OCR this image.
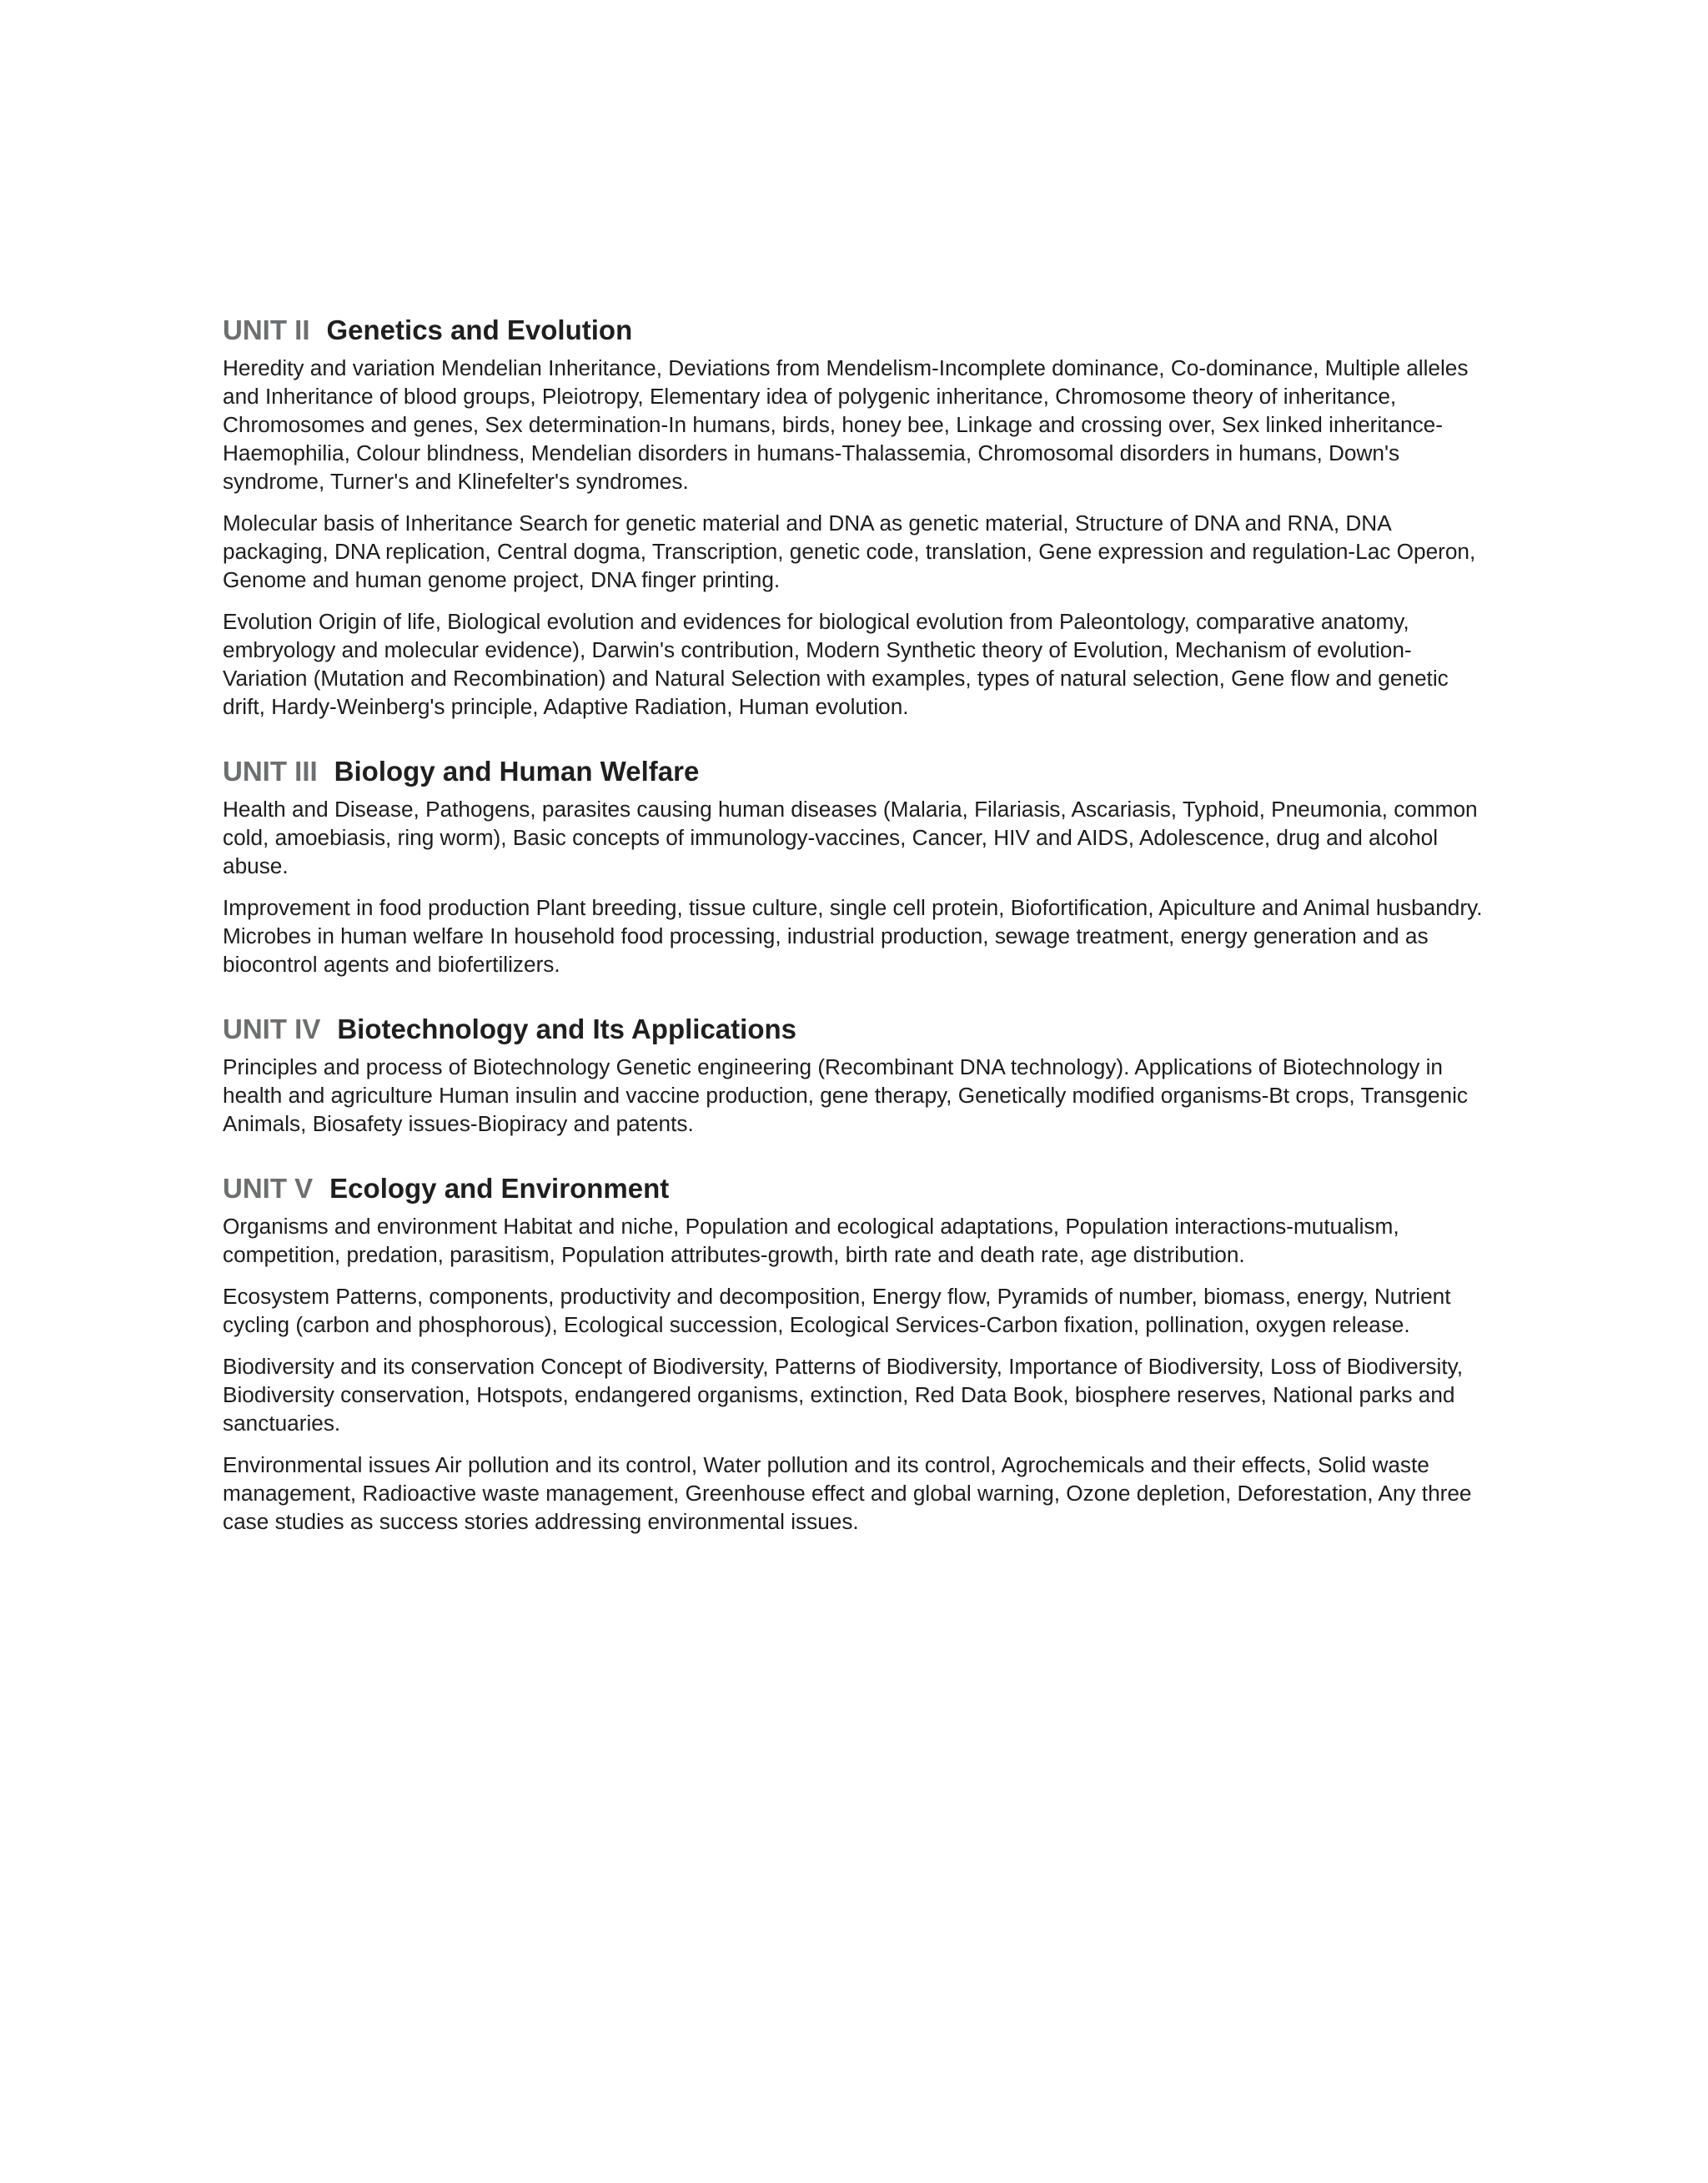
UNIT II Genetics and Evolution

Heredity and variation Mendelian Inheritance, Deviations from Mendelism-Incomplete dominance, Co-dominance, Multiple alleles and Inheritance of blood groups, Pleiotropy, Elementary idea of polygenic inheritance, Chromosome theory of inheritance, Chromosomes and genes, Sex determination-In humans, birds, honey bee, Linkage and crossing over, Sex linked inheritance-Haemophilia, Colour blindness, Mendelian disorders in humans-Thalassemia, Chromosomal disorders in humans, Down's syndrome, Turner's and Klinefelter's syndromes.

Molecular basis of Inheritance Search for genetic material and DNA as genetic material, Structure of DNA and RNA, DNA packaging, DNA replication, Central dogma, Transcription, genetic code, translation, Gene expression and regulation-Lac Operon, Genome and human genome project, DNA finger printing.

Evolution Origin of life, Biological evolution and evidences for biological evolution from Paleontology, comparative anatomy, embryology and molecular evidence), Darwin's contribution, Modern Synthetic theory of Evolution, Mechanism of evolution-Variation (Mutation and Recombination) and Natural Selection with examples, types of natural selection, Gene flow and genetic drift, Hardy-Weinberg's principle, Adaptive Radiation, Human evolution.

UNIT III Biology and Human Welfare

Health and Disease, Pathogens, parasites causing human diseases (Malaria, Filariasis, Ascariasis, Typhoid, Pneumonia, common cold, amoebiasis, ring worm), Basic concepts of immunology-vaccines, Cancer, HIV and AIDS, Adolescence, drug and alcohol abuse.

Improvement in food production Plant breeding, tissue culture, single cell protein, Biofortification, Apiculture and Animal husbandry. Microbes in human welfare In household food processing, industrial production, sewage treatment, energy generation and as biocontrol agents and biofertilizers.

UNIT IV Biotechnology and Its Applications

Principles and process of Biotechnology Genetic engineering (Recombinant DNA technology). Applications of Biotechnology in health and agriculture Human insulin and vaccine production, gene therapy, Genetically modified organisms-Bt crops, Transgenic Animals, Biosafety issues-Biopiracy and patents.

UNIT V Ecology and Environment

Organisms and environment Habitat and niche, Population and ecological adaptations, Population interactions-mutualism, competition, predation, parasitism, Population attributes-growth, birth rate and death rate, age distribution.

Ecosystem Patterns, components, productivity and decomposition, Energy flow, Pyramids of number, biomass, energy, Nutrient cycling (carbon and phosphorous), Ecological succession, Ecological Services-Carbon fixation, pollination, oxygen release.

Biodiversity and its conservation Concept of Biodiversity, Patterns of Biodiversity, Importance of Biodiversity, Loss of Biodiversity, Biodiversity conservation, Hotspots, endangered organisms, extinction, Red Data Book, biosphere reserves, National parks and sanctuaries.

Environmental issues Air pollution and its control, Water pollution and its control, Agrochemicals and their effects, Solid waste management, Radioactive waste management, Greenhouse effect and global warning, Ozone depletion, Deforestation, Any three case studies as success stories addressing environmental issues.
